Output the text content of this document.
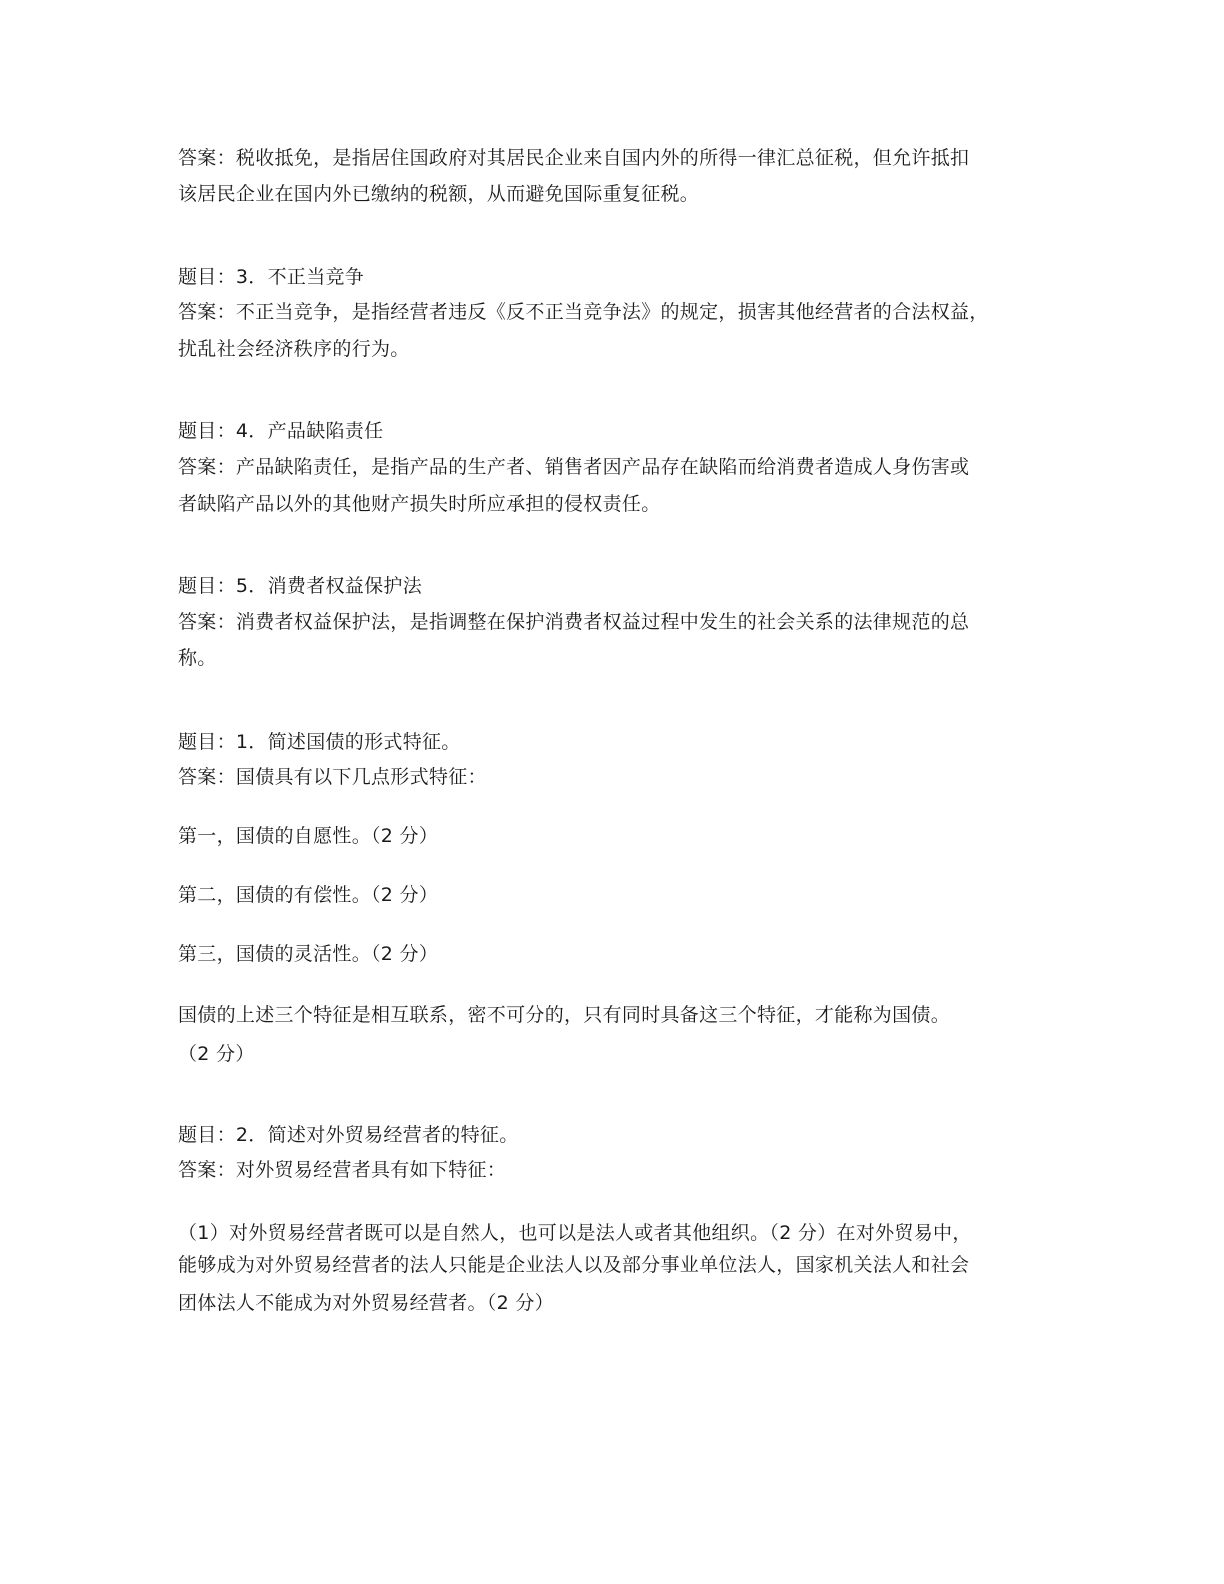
答案：税收抵免，是指居住国政府对其居民企业来自国内外的所得一律汇总征税，但允许抵扣
该居民企业在国内外已缴纳的税额，从而避免国际重复征税。
题目：3．不正当竞争
答案：不正当竞争，是指经营者违反《反不正当竞争法》的规定，损害其他经营者的合法权益，
扰乱社会经济秩序的行为。
题目：4．产品缺陷责任
答案：产品缺陷责任，是指产品的生产者、销售者因产品存在缺陷而给消费者造成人身伤害或
者缺陷产品以外的其他财产损失时所应承担的侵权责任。
题目：5．消费者权益保护法
答案：消费者权益保护法，是指调整在保护消费者权益过程中发生的社会关系的法律规范的总
称。
题目：1．简述国债的形式特征。
答案：国债具有以下几点形式特征：
第一，国债的自愿性。（2 分）
第二，国债的有偿性。（2 分）
第三，国债的灵活性。（2 分）
国债的上述三个特征是相互联系，密不可分的，只有同时具备这三个特征，才能称为国债。
（2 分）
题目：2．简述对外贸易经营者的特征。
答案：对外贸易经营者具有如下特征：
（1）对外贸易经营者既可以是自然人，也可以是法人或者其他组织。（2 分）在对外贸易中，
能够成为对外贸易经营者的法人只能是企业法人以及部分事业单位法人，国家机关法人和社会
团体法人不能成为对外贸易经营者。（2 分）
